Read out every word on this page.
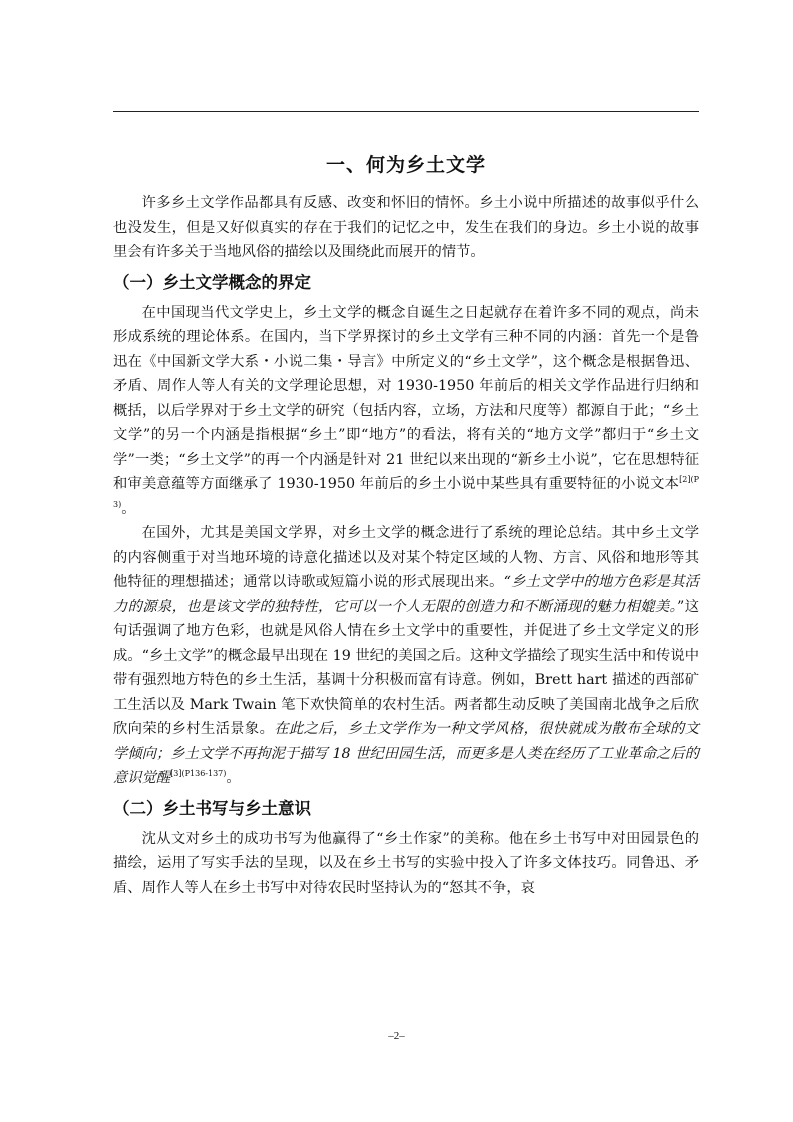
一、何为乡土文学

许多乡土文学作品都具有反感、改变和怀旧的情怀。乡土小说中所描述的故事似乎什么也没发生，但是又好似真实的存在于我们的记忆之中，发生在我们的身边。乡土小说的故事里会有许多关于当地风俗的描绘以及围绕此而展开的情节。

（一）乡土文学概念的界定

在中国现当代文学史上，乡土文学的概念自诞生之日起就存在着许多不同的观点，尚未形成系统的理论体系。在国内，当下学界探讨的乡土文学有三种不同的内涵：首先一个是鲁迅在《中国新文学大系・小说二集・导言》中所定义的“乡土文学”，这个概念是根据鲁迅、矛盾、周作人等人有关的文学理论思想，对 1930-1950 年前后的相关文学作品进行归纳和概括，以后学界对于乡土文学的研究（包括内容，立场，方法和尺度等）都源自于此；“乡土文学”的另一个内涵是指根据“乡土”即“地方”的看法，将有关的“地方文学”都归于“乡土文学”一类；“乡土文学”的再一个内涵是针对 21 世纪以来出现的“新乡土小说”，它在思想特征和审美意蕴等方面继承了 1930-1950 年前后的乡土小说中某些具有重要特征的小说文本$^{[2](P3)}$。

在国外，尤其是美国文学界，对乡土文学的概念进行了系统的理论总结。其中乡土文学的内容侧重于对当地环境的诗意化描述以及对某个特定区域的人物、方言、风俗和地形等其他特征的理想描述；通常以诗歌或短篇小说的形式展现出来。“乡土文学中的地方色彩是其活力的源泉，也是该文学的独特性，它可以一个人无限的创造力和不断涌现的魅力相媲美。”这句话强调了地方色彩，也就是风俗人情在乡土文学中的重要性，并促进了乡土文学定义的形成。“乡土文学”的概念最早出现在 19 世纪的美国之后。这种文学描绘了现实生活中和传说中带有强烈地方特色的乡土生活，基调十分积极而富有诗意。例如，Brett hart 描述的西部矿工生活以及 Mark Twain 笔下欢快简单的农村生活。两者都生动反映了美国南北战争之后欣欣向荣的乡村生活景象。在此之后，乡土文学作为一种文学风格，很快就成为散布全球的文学倾向；乡土文学不再拘泥于描写 18 世纪田园生活，而更多是人类在经历了工业革命之后的意识觉醒$^{[3](P136-137)}$。

（二）乡土书写与乡土意识

沈从文对乡土的成功书写为他赢得了“乡土作家”的美称。他在乡土书写中对田园景色的描绘，运用了写实手法的呈现，以及在乡土书写的实验中投入了许多文体技巧。同鲁迅、矛盾、周作人等人在乡土书写中对待农民时坚持认为的“怒其不争，哀

–2–
